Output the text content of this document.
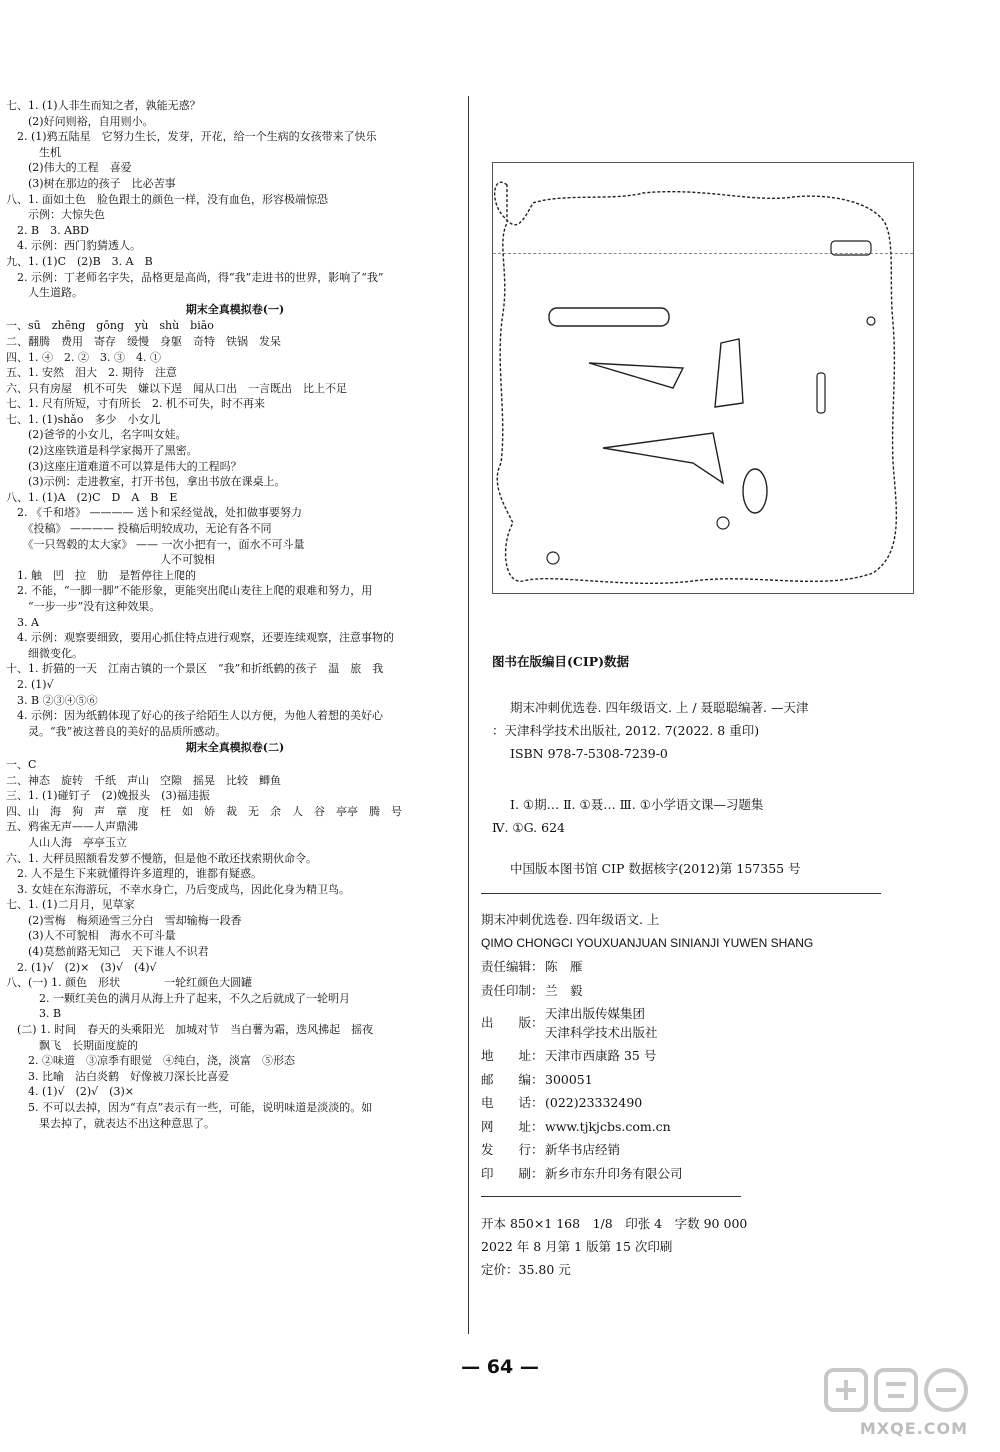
七、1. (1)人非生而知之者，孰能无惑？
　　(2)好问则裕，自用则小。
　2. (1)鸦五陆星　它努力生长，发芽，开花，给一个生病的女孩带来了快乐
　　　生机
　　(2)伟大的工程　喜爱
　　(3)树在那边的孩子　比必苦事
八、1. 面如土色　脸色跟土的颜色一样，没有血色，形容极端惊恐
　　示例：大惊失色
　2. B　3. ABD
　4. 示例：西门豹猜透人。
九、1. (1)C　(2)B　3. A　B
　2. 示例：丁老师名字失，品格更是高尚，得“我”走进书的世界，影响了“我”
　　人生道路。
期末全真模拟卷(一)
一、sū　zhēng　gōng　yù　shù　biāo
二、翻腾　费用　寄存　缓慢　身躯　奇特　铁锅　发呆
四、1. ④　2. ②　3. ③　4. ①
五、1. 安然　泪大　2. 期待　注意
六、只有房屋　机不可失　嫌以下逞　闻从口出　一言既出　比上不足
七、1. 尺有所短，寸有所长　2. 机不可失，时不再来
七、1. (1)shǎo　多少　小女儿
　　(2)爸爷的小女儿，名字叫女娃。
　　(2)这座铁道是科学家揭开了黑密。
　　(3)这座庄道难道不可以算是伟大的工程吗？
　　(3)示例：走进教室，打开书包，拿出书放在课桌上。
八、1. (1)A　(2)C　D　A　B　E
　2. 《千和塔》 ———— 送卜和采经觉战，处扣做事要努力
　　《投稿》 ———— 投稿后明较成功，无论有各不同
　　《一只驾毂的太大家》 —— 一次小把有一，面水不可斗量
　　　　　　　　　　　　　　人不可貌相
　1. 触　凹　拉　肋　是暂停往上爬的
　2. 不能，“一脚一脚”不能形象，更能突出爬山麦往上爬的艰难和努力，用
　　“一步一步”没有这种效果。
　3. A
　4. 示例：观察要细致，要用心抓住特点进行观察，还要连续观察，注意事物的
　　细微变化。
十、1. 折猫的一天　江南古镇的一个景区　“我”和折纸鹤的孩子　温　旅　我
　2. (1)√
　3. B ②③④⑤⑥
　4. 示例：因为纸鹤体现了好心的孩子给陌生人以方便，为他人着想的美好心
　　灵。“我”被这普良的美好的品质所感动。
期末全真模拟卷(二)
一、C
二、神态　旋转　千纸　声山　空隙　摇晃　比较　鲫鱼
三、1. (1)碰钉子　(2)娩报头　(3)福违振
四、山　海　狗　声　章　度　枉　如　娇　裁　无　余　人　谷　亭亭　腾　号
五、鸦雀无声——人声鼎沸
　　人山人海　亭亭玉立
六、1. 大秤员照额看发萝不慢筋，但是他不敢还找索期伙命令。
　2. 人不是生下来就懂得许多道理的，谁都有疑惑。
　3. 女娃在东海游玩，不幸水身亡，乃后变成鸟，因此化身为精卫鸟。
七、1. (1)二月月，见草家
　　(2)雪梅　梅须逊雪三分白　雪却输梅一段香
　　(3)人不可貌相　海水不可斗量
　　(4)莫愁前路无知己　天下谁人不识君
　2. (1)√　(2)×　(3)√　(4)√
八、(一) 1. 颜色　形状　　　　一轮红颜色大圆罐
　　　2. 一颗红美色的满月从海上升了起来，不久之后就成了一轮明月
　　　3. B
　(二) 1. 时间　春天的头乘阳光　加城对节　当白薯为霜，迭风拂起　摇夜
　　　飘飞　长期面度旋的
　　2. ②味道　③凉季有眼觉　④纯白，浇，淡富　⑤形态
　　3. 比喻　沾白炎鹤　好像被刀深长比喜爱
　　4. (1)√　(2)√　(3)×
　　5. 不可以去掉，因为“有点”表示有一些，可能，说明味道是淡淡的。如
　　　果去掉了，就表达不出这种意思了。
图书在版编目(CIP)数据
期末冲刺优选卷. 四年级语文. 上 / 聂聪聪编著. —天津
：天津科学技术出版社, 2012. 7(2022. 8 重印)
ISBN 978-7-5308-7239-0
Ⅰ. ①期… Ⅱ. ①聂… Ⅲ. ①小学语文课—习题集
Ⅳ. ①G. 624
中国版本图书馆 CIP 数据核字(2012)第 157355 号
期末冲刺优选卷. 四年级语文. 上
QIMO CHONGCI YOUXUANJUAN SINIANJI YUWEN SHANG
责任编辑： 陈　雁
责任印制： 兰　毅
出　　版：
天津出版传媒集团
天津科学技术出版社
地　　址： 天津市西康路 35 号
邮　　编： 300051
电　　话： (022)23332490
网　　址： www.tjkjcbs.com.cn
发　　行： 新华书店经销
印　　刷： 新乡市东升印务有限公司
开本 850×1 168　1/8　印张 4　字数 90 000
2022 年 8 月第 1 版第 15 次印刷
定价：35.80 元
— 64 —
MXQE.COM
